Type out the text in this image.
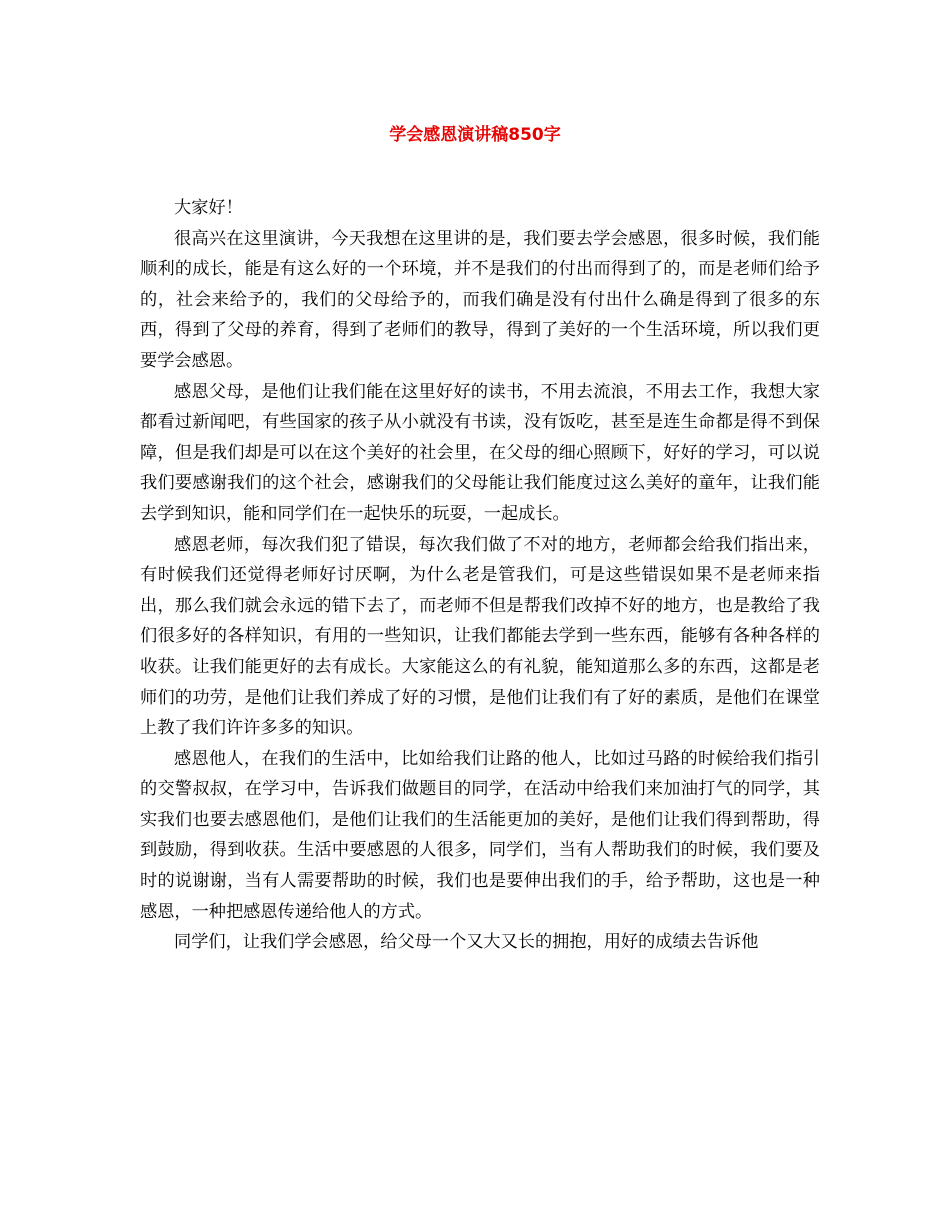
学会感恩演讲稿850字

大家好！

很高兴在这里演讲，今天我想在这里讲的是，我们要去学会感恩，很多时候，我们能顺利的成长，能是有这么好的一个环境，并不是我们的付出而得到了的，而是老师们给予的，社会来给予的，我们的父母给予的，而我们确是没有付出什么确是得到了很多的东西，得到了父母的养育，得到了老师们的教导，得到了美好的一个生活环境，所以我们更要学会感恩。

感恩父母，是他们让我们能在这里好好的读书，不用去流浪，不用去工作，我想大家都看过新闻吧，有些国家的孩子从小就没有书读，没有饭吃，甚至是连生命都是得不到保障，但是我们却是可以在这个美好的社会里，在父母的细心照顾下，好好的学习，可以说我们要感谢我们的这个社会，感谢我们的父母能让我们能度过这么美好的童年，让我们能去学到知识，能和同学们在一起快乐的玩耍，一起成长。

感恩老师，每次我们犯了错误，每次我们做了不对的地方，老师都会给我们指出来，有时候我们还觉得老师好讨厌啊，为什么老是管我们，可是这些错误如果不是老师来指出，那么我们就会永远的错下去了，而老师不但是帮我们改掉不好的地方，也是教给了我们很多好的各样知识，有用的一些知识，让我们都能去学到一些东西，能够有各种各样的收获。让我们能更好的去有成长。大家能这么的有礼貌，能知道那么多的东西，这都是老师们的功劳，是他们让我们养成了好的习惯，是他们让我们有了好的素质，是他们在课堂上教了我们许许多多的知识。

感恩他人，在我们的生活中，比如给我们让路的他人，比如过马路的时候给我们指引的交警叔叔，在学习中，告诉我们做题目的同学，在活动中给我们来加油打气的同学，其实我们也要去感恩他们，是他们让我们的生活能更加的美好，是他们让我们得到帮助，得到鼓励，得到收获。生活中要感恩的人很多，同学们，当有人帮助我们的时候，我们要及时的说谢谢，当有人需要帮助的时候，我们也是要伸出我们的手，给予帮助，这也是一种感恩，一种把感恩传递给他人的方式。

同学们，让我们学会感恩，给父母一个又大又长的拥抱，用好的成绩去告诉他
